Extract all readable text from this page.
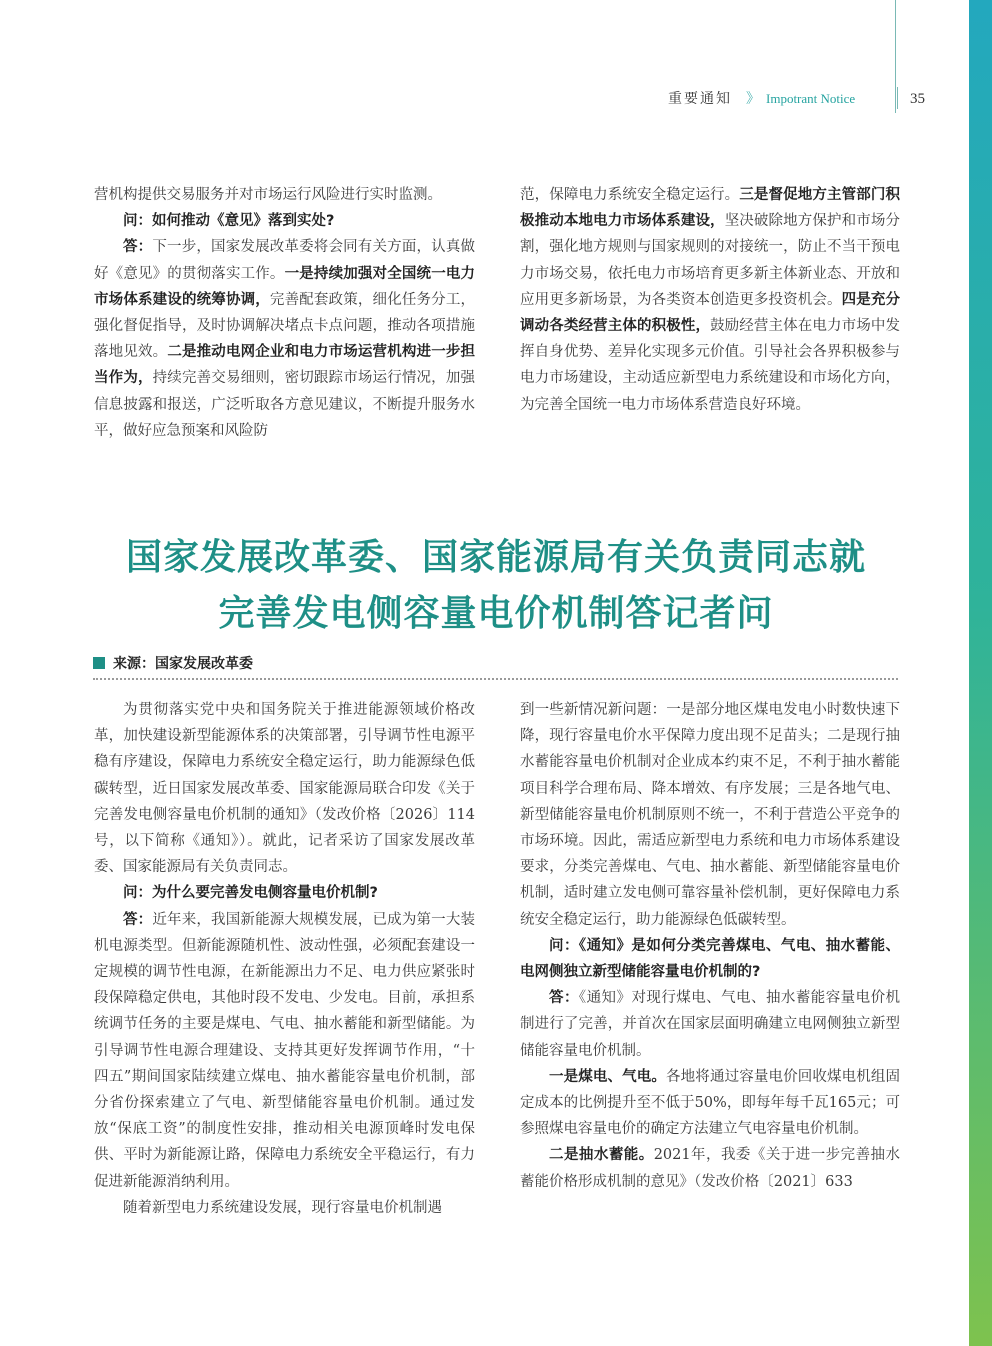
重要通知 》 Impotrant Notice	35

营机构提供交易服务并对市场运行风险进行实时监测。

问：如何推动《意见》落到实处?

答：下一步，国家发展改革委将会同有关方面，认真做好《意见》的贯彻落实工作。一是持续加强对全国统一电力市场体系建设的统筹协调，完善配套政策，细化任务分工，强化督促指导，及时协调解决堵点卡点问题，推动各项措施落地见效。二是推动电网企业和电力市场运营机构进一步担当作为，持续完善交易细则，密切跟踪市场运行情况，加强信息披露和报送，广泛听取各方意见建议，不断提升服务水平，做好应急预案和风险防

范，保障电力系统安全稳定运行。三是督促地方主管部门积极推动本地电力市场体系建设，坚决破除地方保护和市场分割，强化地方规则与国家规则的对接统一，防止不当干预电力市场交易，依托电力市场培育更多新主体新业态、开放和应用更多新场景，为各类资本创造更多投资机会。四是充分调动各类经营主体的积极性，鼓励经营主体在电力市场中发挥自身优势、差异化实现多元价值。引导社会各界积极参与电力市场建设，主动适应新型电力系统建设和市场化方向，为完善全国统一电力市场体系营造良好环境。

国家发展改革委、国家能源局有关负责同志就
完善发电侧容量电价机制答记者问
来源：国家发展改革委

为贯彻落实党中央和国务院关于推进能源领域价格改革，加快建设新型能源体系的决策部署，引导调节性电源平稳有序建设，保障电力系统安全稳定运行，助力能源绿色低碳转型，近日国家发展改革委、国家能源局联合印发《关于完善发电侧容量电价机制的通知》（发改价格〔2026〕114号，以下简称《通知》）。就此，记者采访了国家发展改革委、国家能源局有关负责同志。

问：为什么要完善发电侧容量电价机制?

答：近年来，我国新能源大规模发展，已成为第一大装机电源类型。但新能源随机性、波动性强，必须配套建设一定规模的调节性电源，在新能源出力不足、电力供应紧张时段保障稳定供电，其他时段不发电、少发电。目前，承担系统调节任务的主要是煤电、气电、抽水蓄能和新型储能。为引导调节性电源合理建设、支持其更好发挥调节作用，“十四五”期间国家陆续建立煤电、抽水蓄能容量电价机制，部分省份探索建立了气电、新型储能容量电价机制。通过发放“保底工资”的制度性安排，推动相关电源顶峰时发电保供、平时为新能源让路，保障电力系统安全平稳运行，有力促进新能源消纳利用。

随着新型电力系统建设发展，现行容量电价机制遇

到一些新情况新问题：一是部分地区煤电发电小时数快速下降，现行容量电价水平保障力度出现不足苗头；二是现行抽水蓄能容量电价机制对企业成本约束不足，不利于抽水蓄能项目科学合理布局、降本增效、有序发展；三是各地气电、新型储能容量电价机制原则不统一，不利于营造公平竞争的市场环境。因此，需适应新型电力系统和电力市场体系建设要求，分类完善煤电、气电、抽水蓄能、新型储能容量电价机制，适时建立发电侧可靠容量补偿机制，更好保障电力系统安全稳定运行，助力能源绿色低碳转型。

问：《通知》是如何分类完善煤电、气电、抽水蓄能、电网侧独立新型储能容量电价机制的?

答：《通知》对现行煤电、气电、抽水蓄能容量电价机制进行了完善，并首次在国家层面明确建立电网侧独立新型储能容量电价机制。

一是煤电、气电。各地将通过容量电价回收煤电机组固定成本的比例提升至不低于50%，即每年每千瓦165元；可参照煤电容量电价的确定方法建立气电容量电价机制。

二是抽水蓄能。2021年，我委《关于进一步完善抽水蓄能价格形成机制的意见》（发改价格〔2021〕633
